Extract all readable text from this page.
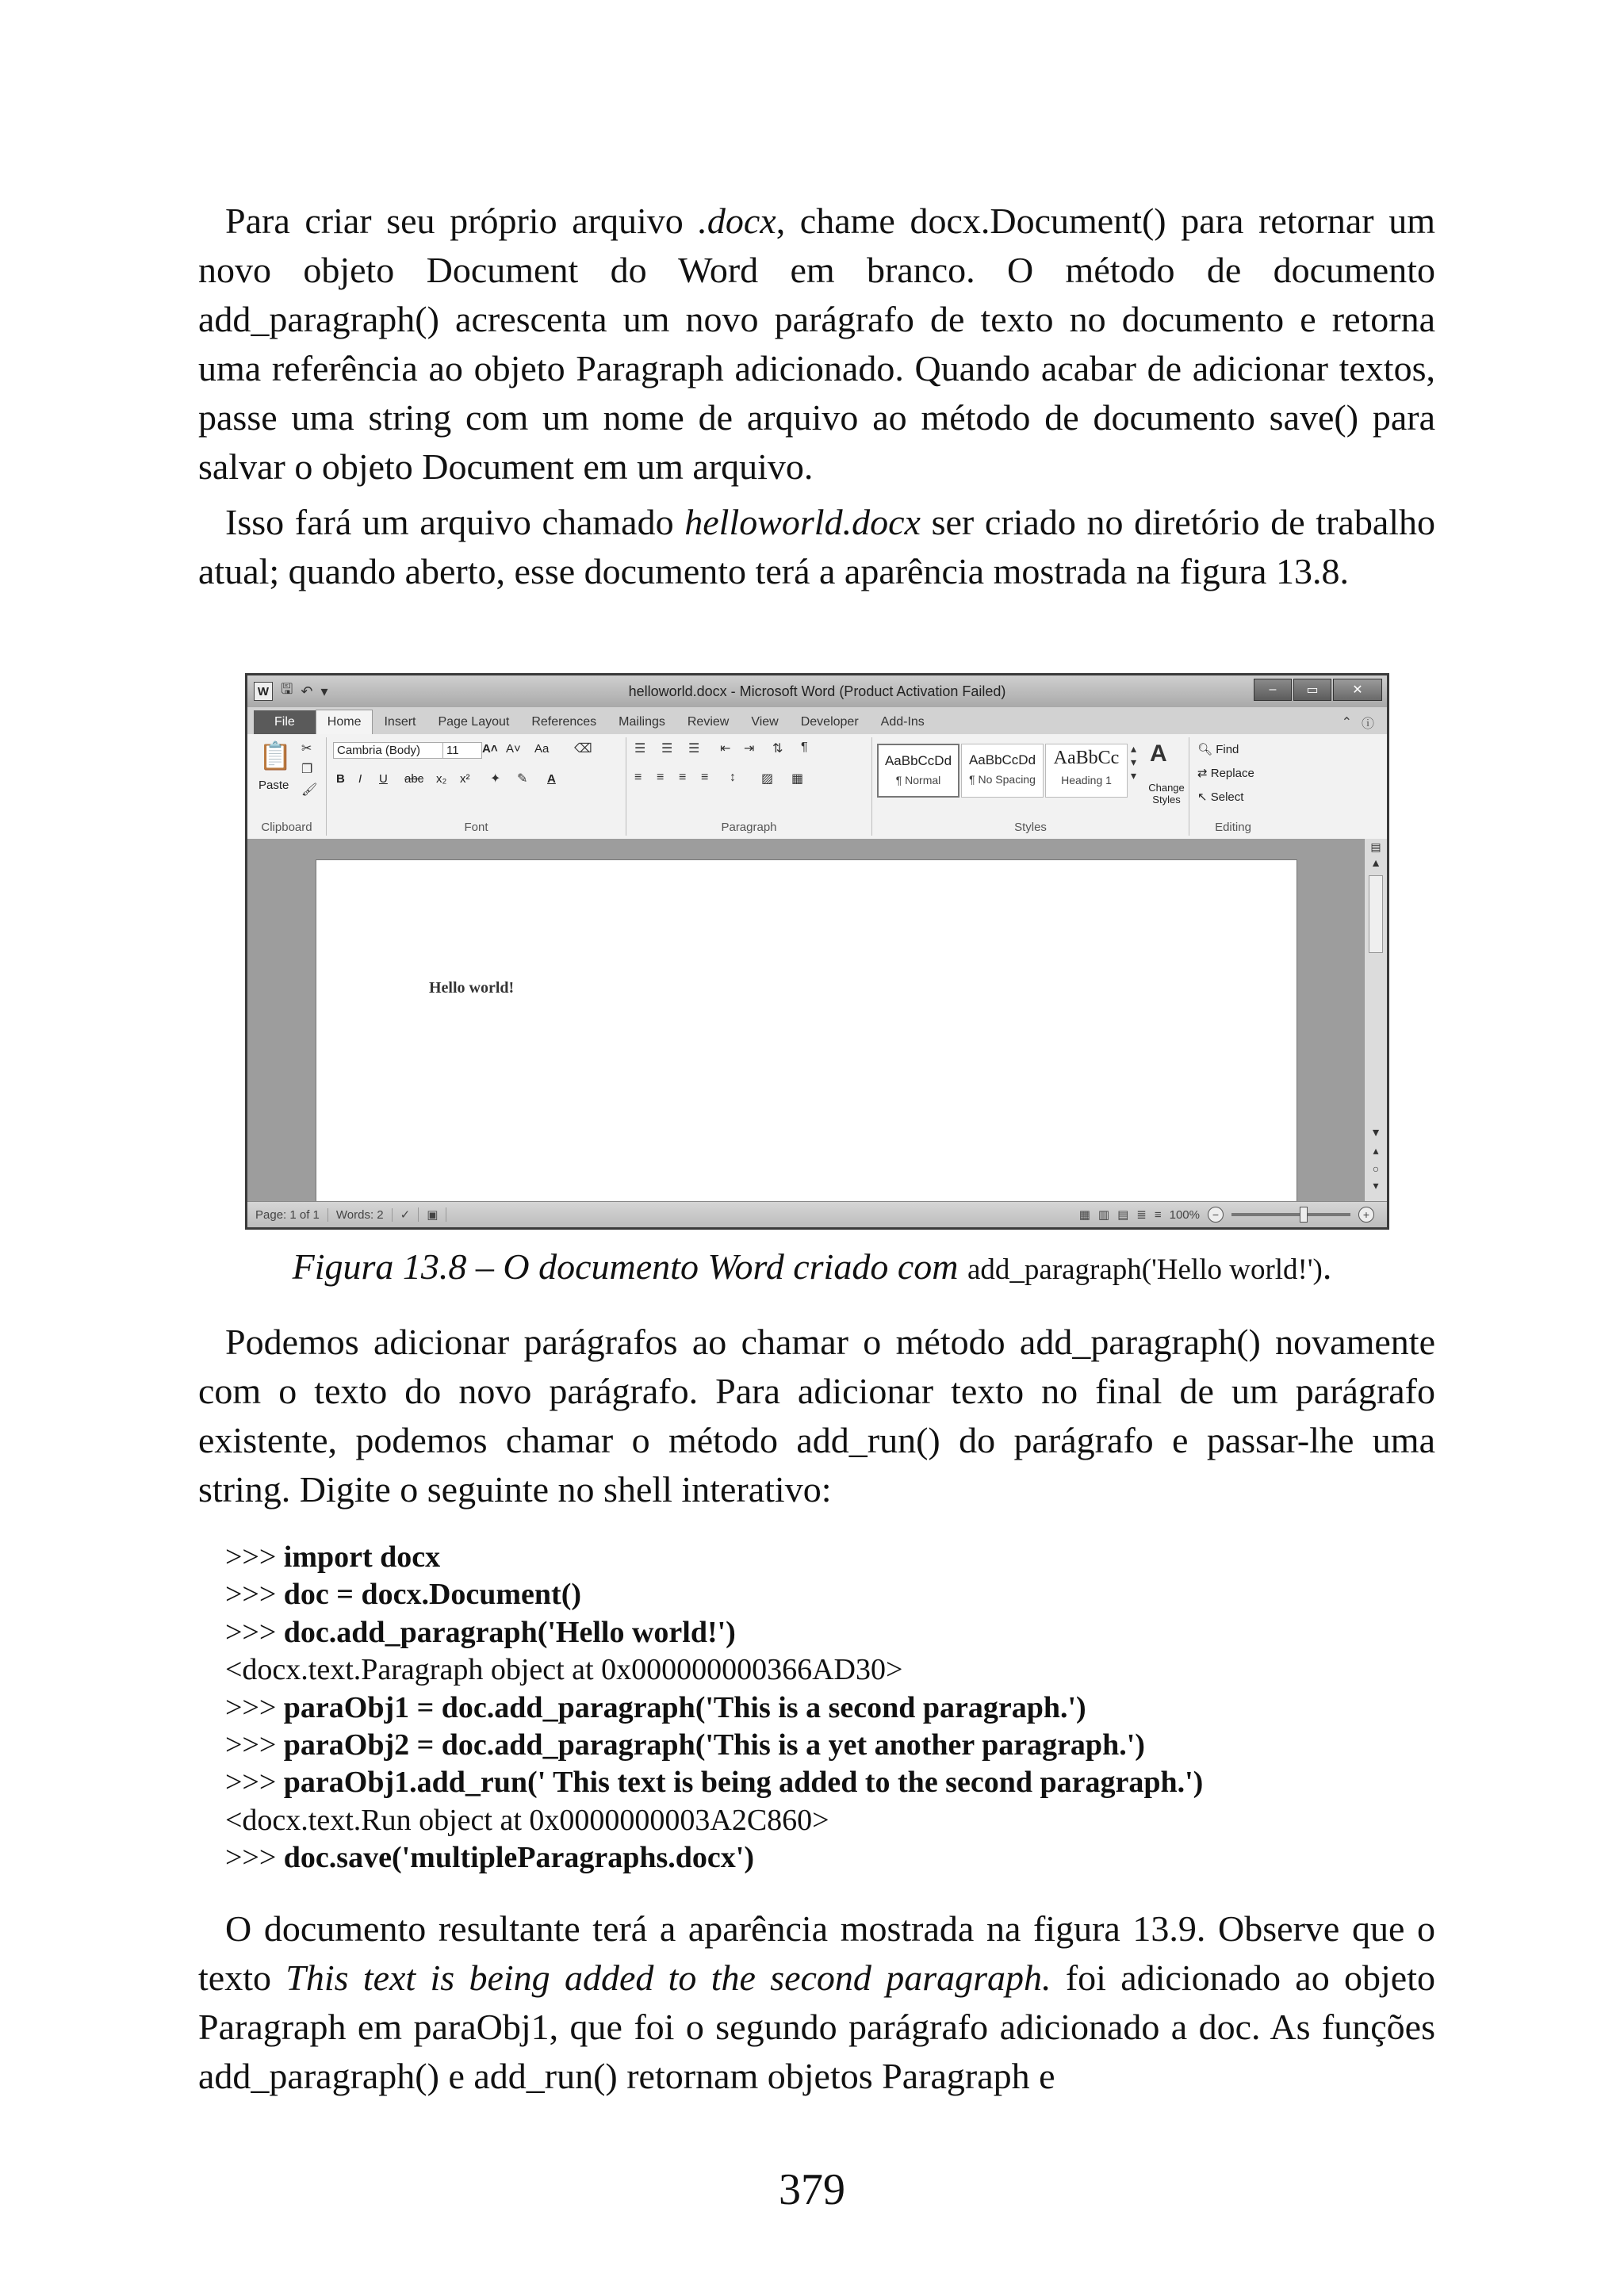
Para criar seu próprio arquivo .docx, chame docx.Document() para retornar um novo objeto Document do Word em branco. O método de documento add_paragraph() acrescenta um novo parágrafo de texto no documento e retorna uma referência ao objeto Paragraph adicionado. Quando acabar de adicionar textos, passe uma string com um nome de arquivo ao método de documento save() para salvar o objeto Document em um arquivo.

Isso fará um arquivo chamado helloworld.docx ser criado no diretório de trabalho atual; quando aberto, esse documento terá a aparência mostrada na figura 13.8.

W 🖫 ↶ ▾	helloworld.docx - Microsoft Word (Product Activation Failed)	–	▭	✕
File	Home	Insert	Page Layout	References	Mailings	Review	View	Developer	Add-Ins	⌃ ⓘ
📋
Paste
✂
❐
🖌
Clipboard
Cambria (Body)	11	A˄ A˅ Aa ⌫
B I U abc x₂ x² ✦ ✎ A
Font
☰ ☰ ☰ ⇤ ⇥ ⇅ ¶
≡ ≡ ≡ ≡ ↕ ▨ ▦
Paragraph
AaBbCcDd
¶ Normal
AaBbCcDd
¶ No Spacing
AaBbCс
Heading 1
▴
▾
▾
A
Change Styles
Styles
🔍︎ Find
⇄ Replace
↖ Select
Editing
Hello world!
▤
▲
▼
▴
○
▾
Page: 1 of 1	Words: 2	✓	▣	▦ ▥ ▤ ≣ ≡ 100%	−	+
Figura 13.8 – O documento Word criado com add_paragraph('Hello world!').

Podemos adicionar parágrafos ao chamar o método add_paragraph() novamente com o texto do novo parágrafo. Para adicionar texto no final de um parágrafo existente, podemos chamar o método add_run() do parágrafo e passar-lhe uma string. Digite o seguinte no shell interativo:

>>> import docx
>>> doc = docx.Document()
>>> doc.add_paragraph('Hello world!')
<docx.text.Paragraph object at 0x000000000366AD30>
>>> paraObj1 = doc.add_paragraph('This is a second paragraph.')
>>> paraObj2 = doc.add_paragraph('This is a yet another paragraph.')
>>> paraObj1.add_run(' This text is being added to the second paragraph.')
<docx.text.Run object at 0x0000000003A2C860>
>>> doc.save('multipleParagraphs.docx')

O documento resultante terá a aparência mostrada na figura 13.9. Observe que o texto This text is being added to the second paragraph. foi adicionado ao objeto Paragraph em paraObj1, que foi o segundo parágrafo adicionado a doc. As funções add_paragraph() e add_run() retornam objetos Paragraph e

379
